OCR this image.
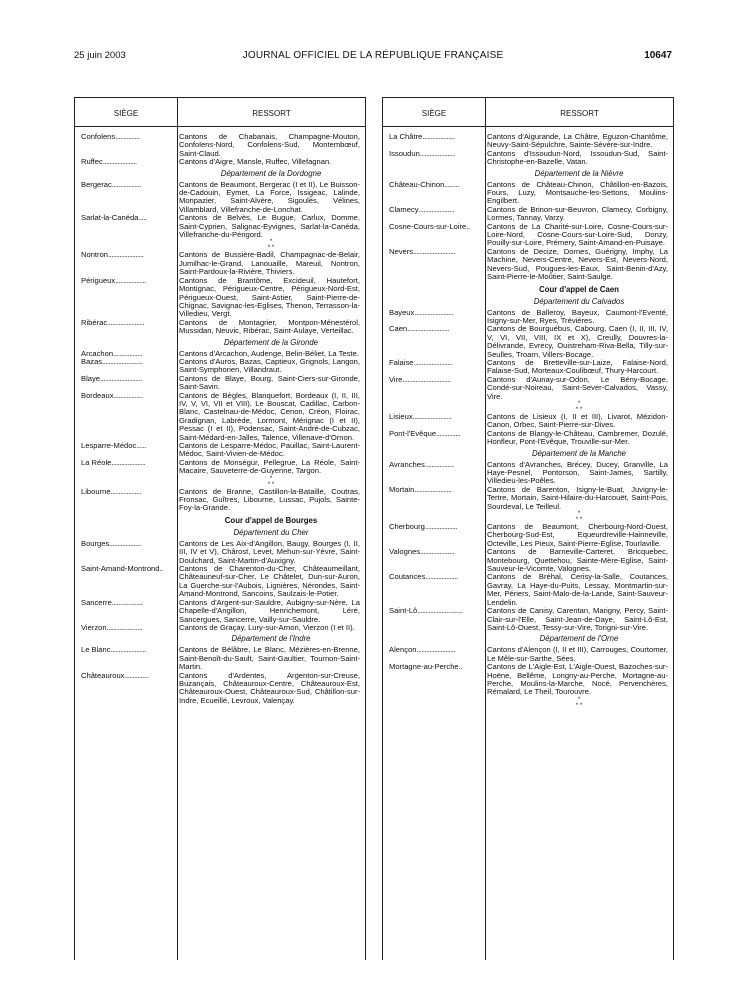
25 juin 2003	JOURNAL OFFICIEL DE LA RÉPUBLIQUE FRANÇAISE	10647
SIÈGE	RESSORT
Confolens...............	Cantons de Chabanais, Champagne-Mouton, Confolens-Nord, Confolens-Sud, Montembœuf, Saint-Claud.
Ruffec.....................	Cantons d'Aigre, Mansle, Ruffec, Villefagnan.
Département de la Dordogne
Bergerac..................	Cantons de Beaumont, Bergerac (I et II), Le Buisson-de-Cadouin, Eymet, La Force, Issigeac, Lalinde, Monpazier, Saint-Alvère, Sigoulès, Vélines, Villamblard, Villefranche-de-Lonchat.
Sarlat-la-Canéda.....	Cantons de Belvès, Le Bugue, Carlux, Domme, Saint-Cyprien, Salignac-Eyvignes, Sarlat-la-Canéda, Villefranche-du-Périgord.
*
* *
Nontron......................	Cantons de Bussière-Badil, Champagnac-de-Belair, Jumilhac-le-Grand, Lanouaille, Mareuil, Nontron, Saint-Pardoux-la-Rivière, Thiviers.
Périgueux...................	Cantons de Brantôme, Excideuil, Hautefort, Montignac, Périgueux-Centre, Périgueux-Nord-Est, Périgueux-Ouest, Saint-Astier, Saint-Pierre-de-Chignac, Savignac-les-Eglises, Thenon, Terrasson-la-Villedieu, Vergt.
Ribérac.......................	Cantons de Montagrier, Montpon-Ménestérol, Mussidan, Neuvic, Ribérac, Saint-Aulaye, Verteillac.
Département de la Gironde
Arcachon..................	Cantons d'Arcachon, Audenge, Belin-Béliet, La Teste.
Bazas.........................	Cantons d'Auros, Bazas, Captieux, Grignols, Langon, Saint-Symphorien, Villandraut.
Blaye..........................	Cantons de Blaye, Bourg, Saint-Ciers-sur-Gironde, Saint-Savin.
Bordeaux..................	Cantons de Bègles, Blanquefort, Bordeaux (I, II, III, IV, V, VI, VII et VIII), Le Bouscat, Cadillac, Carbon-Blanc, Castelnau-de-Médoc, Cenon, Créon, Floirac, Gradignan, Labrède, Lormont, Mérignac (I et II), Pessac (I et II), Podensac, Saint-André-de-Cubzac, Saint-Médard-en-Jalles, Talence, Villenave-d'Ornon.
Lesparre-Médoc......	Cantons de Lesparre-Médoc, Pauillac, Saint-Laurent-Médoc, Saint-Vivien-de-Médoc.
La Réole.....................	Cantons de Monségur, Pellegrue, La Réole, Saint-Macaire, Sauveterre-de-Guyenne, Targon.
*
* *
Libourne...................	Cantons de Branne, Castillon-la-Bataille, Coutras, Fronsac, Guîtres, Libourne, Lussac, Pujols, Sainte-Foy-la-Grande.
Cour d'appel de Bourges
Département du Cher
Bourges....................	Cantons de Les Aix-d'Angillon, Baugy, Bourges (I, II, III, IV et V), Chârost, Levet, Mehun-sur-Yèvre, Saint-Doulchard, Saint-Martin-d'Auxigny.
Saint-Amand-Montrond..	Cantons de Charenton-du-Cher, Châteaumeillant, Châteauneuf-sur-Cher, Le Châtelet, Dun-sur-Auron, La Guerche-sur-l'Aubois, Lignières, Nérondes, Saint-Amand-Montrond, Sancoins, Saulzais-le-Potier.
Sancerre...................	Cantons d'Argent-sur-Sauldre, Aubigny-sur-Nère, La Chapelle-d'Angillon, Henrichemont, Léré, Sancergues, Sancerre, Vailly-sur-Sauldre.
Vierzon......................	Cantons de Graçay, Lury-sur-Arnon, Vierzon (I et II).
Département de l'Indre
Le Blanc......................	Cantons de Bélâbre, Le Blanc, Mézières-en-Brenne, Saint-Benoît-du-Sault, Saint-Gaultier, Tournon-Saint-Martin.
Châteauroux...............	Cantons d'Ardentes, Argenton-sur-Creuse, Buzançais, Châteauroux-Centre, Châteauroux-Est, Châteauroux-Ouest, Châteauroux-Sud, Châtillon-sur-Indre, Ecueillé, Levroux, Valençay.
SIÈGE	RESSORT
La Châtre....................	Cantons d'Aigurande, La Châtre, Eguzon-Chantôme, Neuvy-Saint-Sépulchre, Sainte-Sévère-sur-Indre.
Issoudun......................	Cantons d'Issoudun-Nord, Issoudun-Sud, Saint-Christophe-en-Bazelle, Vatan.
Département de la Nièvre
Château-Chinon.........	Cantons de Château-Chinon, Châtillon-en-Bazois, Fours, Luzy, Montsauche-les-Settons, Moulins-Engilbert.
Clamecy......................	Cantons de Brinon-sur-Beuvron, Clamecy, Corbigny, Lormes, Tannay, Varzy.
Cosne-Cours-sur-Loire..	Cantons de La Charité-sur-Loire, Cosne-Cours-sur-Loire-Nord, Cosne-Cours-sur-Loire-Sud, Donzy, Pouilly-sur-Loire, Prémery, Saint-Amand-en-Puisaye.
Nevers..........................	Cantons de Decize, Dornes, Guérigny, Imphy, La Machine, Nevers-Centre, Nevers-Est, Nevers-Nord, Nevers-Sud, Pougues-les-Eaux, Saint-Benin-d'Azy, Saint-Pierre-le-Moûtier, Saint-Saulge.
Cour d'appel de Caen
Département du Calvados
Bayeux........................	Cantons de Balleroy, Bayeux, Caumont-l'Eventé, Isigny-sur-Mer, Ryes, Trévières.
Caen..........................	Cantons de Bourguébus, Cabourg, Caen (I, II, III, IV, V, VI, VII, VIII, IX et X), Creully, Douvres-la-Délivrande, Evrecy, Ouistreham-Riva-Bella, Tilly-sur-Seulles, Troarn, Villers-Bocage.
Falaise........................	Cantons de Bretteville-sur-Laize, Falaise-Nord, Falaise-Sud, Morteaux-Coulibœuf, Thury-Harcourt.
Vire..............................	Cantons d'Aunay-sur-Odon, Le Bény-Bocage, Condé-sur-Noireau, Saint-Sever-Calvados, Vassy, Vire.
*
* *
Lisieux........................	Cantons de Lisieux (I, II et III), Livarot, Mézidon-Canon, Orbec, Saint-Pierre-sur-Dives.
Pont-l'Evêque...............	Cantons de Blangy-le-Château, Cambremer, Dozulé, Honfleur, Pont-l'Evêque, Trouville-sur-Mer.
Département de la Manche
Avranches..................	Cantons d'Avranches, Brécey, Ducey, Granville, La Haye-Pesnel, Pontorson, Saint-James, Sartilly, Villedieu-les-Poêles.
Mortain.......................	Cantons de Barenton, Isigny-le-Buat, Juvigny-le-Tertre, Mortain, Saint-Hilaire-du-Harcouët, Saint-Pois, Sourdeval, Le Teilleul.
*
* *
Cherbourg....................	Cantons de Beaumont, Cherbourg-Nord-Ouest, Cherbourg-Sud-Est, Equeurdreville-Hainneville, Octeville, Les Pieux, Saint-Pierre-Eglise, Tourlaville.
Valognes.....................	Cantons de Barneville-Carteret, Bricquebec, Montebourg, Quettehou, Sainte-Mère-Eglise, Saint-Sauveur-le-Vicomte, Valognes.
Coutances....................	Cantons de Bréhal, Cerisy-la-Salle, Coutances, Gavray, La Haye-du-Puits, Lessay, Montmartin-sur-Mer, Périers, Saint-Malo-de-la-Lande, Saint-Sauveur-Lendelin.
Saint-Lô............................	Cantons de Canisy, Carentan, Marigny, Percy, Saint-Clair-sur-l'Elle, Saint-Jean-de-Daye, Saint-Lô-Est, Saint-Lô-Ouest, Tessy-sur-Vire, Torigni-sur-Vire.
Département de l'Orne
Alençon........................	Cantons d'Alençon (I, II et III), Carrouges, Courtomer, Le Mêle-sur-Sarthe, Sées.
Mortagne-au-Perche..	Cantons de L'Aigle-Est, L'Aigle-Ouest, Bazoches-sur-Hoëne, Bellême, Longny-au-Perche, Mortagne-au-Perche, Moulins-la-Marche, Nocé, Pervenchères, Rémalard, Le Theil, Tourouvre.
*
* *
